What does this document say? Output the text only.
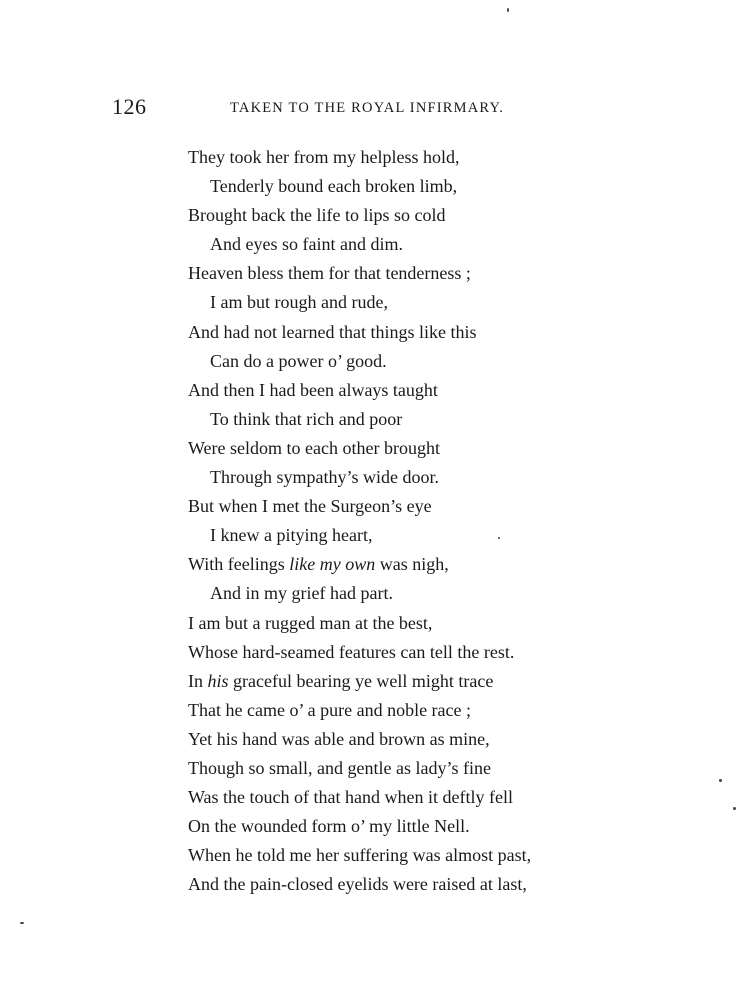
126	TAKEN TO THE ROYAL INFIRMARY.
They took her from my helpless hold,
Tenderly bound each broken limb,
Brought back the life to lips so cold
And eyes so faint and dim.
Heaven bless them for that tenderness ;
I am but rough and rude,
And had not learned that things like this
Can do a power o’ good.
And then I had been always taught
To think that rich and poor
Were seldom to each other brought
Through sympathy’s wide door.
But when I met the Surgeon’s eye
I knew a pitying heart,
With feelings like my own was nigh,
And in my grief had part.
I am but a rugged man at the best,
Whose hard-seamed features can tell the rest.
In his graceful bearing ye well might trace
That he came o’ a pure and noble race ;
Yet his hand was able and brown as mine,
Though so small, and gentle as lady’s fine
Was the touch of that hand when it deftly fell
On the wounded form o’ my little Nell.
When he told me her suffering was almost past,
And the pain-closed eyelids were raised at last,
